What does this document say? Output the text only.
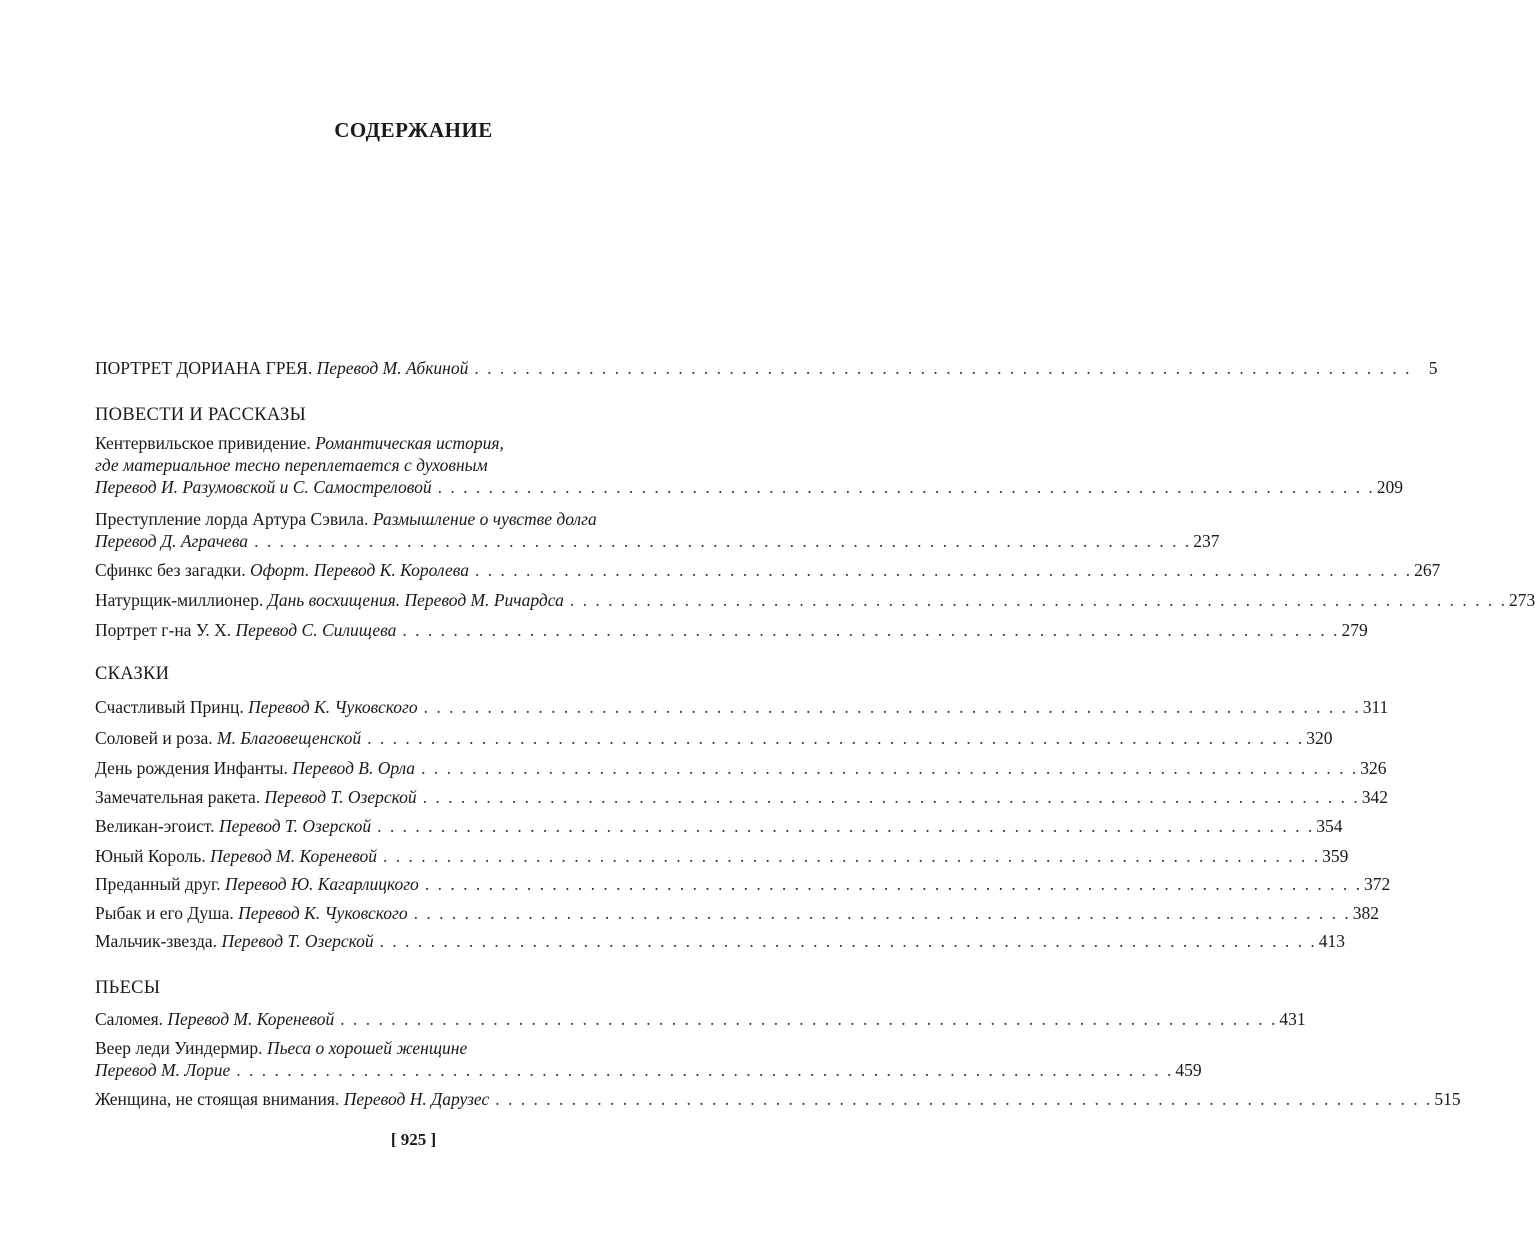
СОДЕРЖАНИЕ
ПОРТРЕТ ДОРИАНА ГРЕЯ. Перевод М. Абкиной . . . . . . . . . . . . . . . . . . . . . . . . . . . . . . . . . . . . . . . . . . . . . . . . . . . . . . . . . . . . . . . . . . . . . . . . . . 5
ПОВЕСТИ И РАССКАЗЫ
Кентервильское привидение. Романтическая история,
где материальное тесно переплетается с духовным
Перевод И. Разумовской и С. Самостреловой . . . . . . . . . . . . . . . . . . . . . . . . . . . . . . . . . . . . . . . . . . . . . . . . . . . . . . . . . . . . . . . . . . . . . . . . . . 209
Преступление лорда Артура Сэвила. Размышление о чувстве долга
Перевод Д. Аграчева . . . . . . . . . . . . . . . . . . . . . . . . . . . . . . . . . . . . . . . . . . . . . . . . . . . . . . . . . . . . . . . . . . . . . . . . . . 237
Сфинкс без загадки. Офорт. Перевод К. Королева . . . . . . . . . . . . . . . . . . . . . . . . . . . . . . . . . . . . . . . . . . . . . . . . . . . . . . . . . . . . . . . . . . . . . . . . . . 267
Натурщик-миллионер. Дань восхищения. Перевод М. Ричардса . . . . . . . . . . . . . . . . . . . . . . . . . . . . . . . . . . . . . . . . . . . . . . . . . . . . . . . . . . . . . . . . . . . . . . . . . . 273
Портрет г-на У. Х. Перевод С. Силищева . . . . . . . . . . . . . . . . . . . . . . . . . . . . . . . . . . . . . . . . . . . . . . . . . . . . . . . . . . . . . . . . . . . . . . . . . . 279
СКАЗКИ
Счастливый Принц. Перевод К. Чуковского . . . . . . . . . . . . . . . . . . . . . . . . . . . . . . . . . . . . . . . . . . . . . . . . . . . . . . . . . . . . . . . . . . . . . . . . . . 311
Соловей и роза. М. Благовещенской . . . . . . . . . . . . . . . . . . . . . . . . . . . . . . . . . . . . . . . . . . . . . . . . . . . . . . . . . . . . . . . . . . . . . . . . . . 320
День рождения Инфанты. Перевод В. Орла . . . . . . . . . . . . . . . . . . . . . . . . . . . . . . . . . . . . . . . . . . . . . . . . . . . . . . . . . . . . . . . . . . . . . . . . . . 326
Замечательная ракета. Перевод Т. Озерской . . . . . . . . . . . . . . . . . . . . . . . . . . . . . . . . . . . . . . . . . . . . . . . . . . . . . . . . . . . . . . . . . . . . . . . . . . 342
Великан-эгоист. Перевод Т. Озерской . . . . . . . . . . . . . . . . . . . . . . . . . . . . . . . . . . . . . . . . . . . . . . . . . . . . . . . . . . . . . . . . . . . . . . . . . . 354
Юный Король. Перевод М. Кореневой . . . . . . . . . . . . . . . . . . . . . . . . . . . . . . . . . . . . . . . . . . . . . . . . . . . . . . . . . . . . . . . . . . . . . . . . . . 359
Преданный друг. Перевод Ю. Кагарлицкого . . . . . . . . . . . . . . . . . . . . . . . . . . . . . . . . . . . . . . . . . . . . . . . . . . . . . . . . . . . . . . . . . . . . . . . . . . 372
Рыбак и его Душа. Перевод К. Чуковского . . . . . . . . . . . . . . . . . . . . . . . . . . . . . . . . . . . . . . . . . . . . . . . . . . . . . . . . . . . . . . . . . . . . . . . . . . 382
Мальчик-звезда. Перевод Т. Озерской . . . . . . . . . . . . . . . . . . . . . . . . . . . . . . . . . . . . . . . . . . . . . . . . . . . . . . . . . . . . . . . . . . . . . . . . . . 413
ПЬЕСЫ
Саломея. Перевод М. Кореневой . . . . . . . . . . . . . . . . . . . . . . . . . . . . . . . . . . . . . . . . . . . . . . . . . . . . . . . . . . . . . . . . . . . . . . . . . . 431
Веер леди Уиндермир. Пьеса о хорошей женщине
Перевод М. Лорие . . . . . . . . . . . . . . . . . . . . . . . . . . . . . . . . . . . . . . . . . . . . . . . . . . . . . . . . . . . . . . . . . . . . . . . . . . 459
Женщина, не стоящая внимания. Перевод Н. Дарузес . . . . . . . . . . . . . . . . . . . . . . . . . . . . . . . . . . . . . . . . . . . . . . . . . . . . . . . . . . . . . . . . . . . . . . . . . . 515
[ 925 ]
